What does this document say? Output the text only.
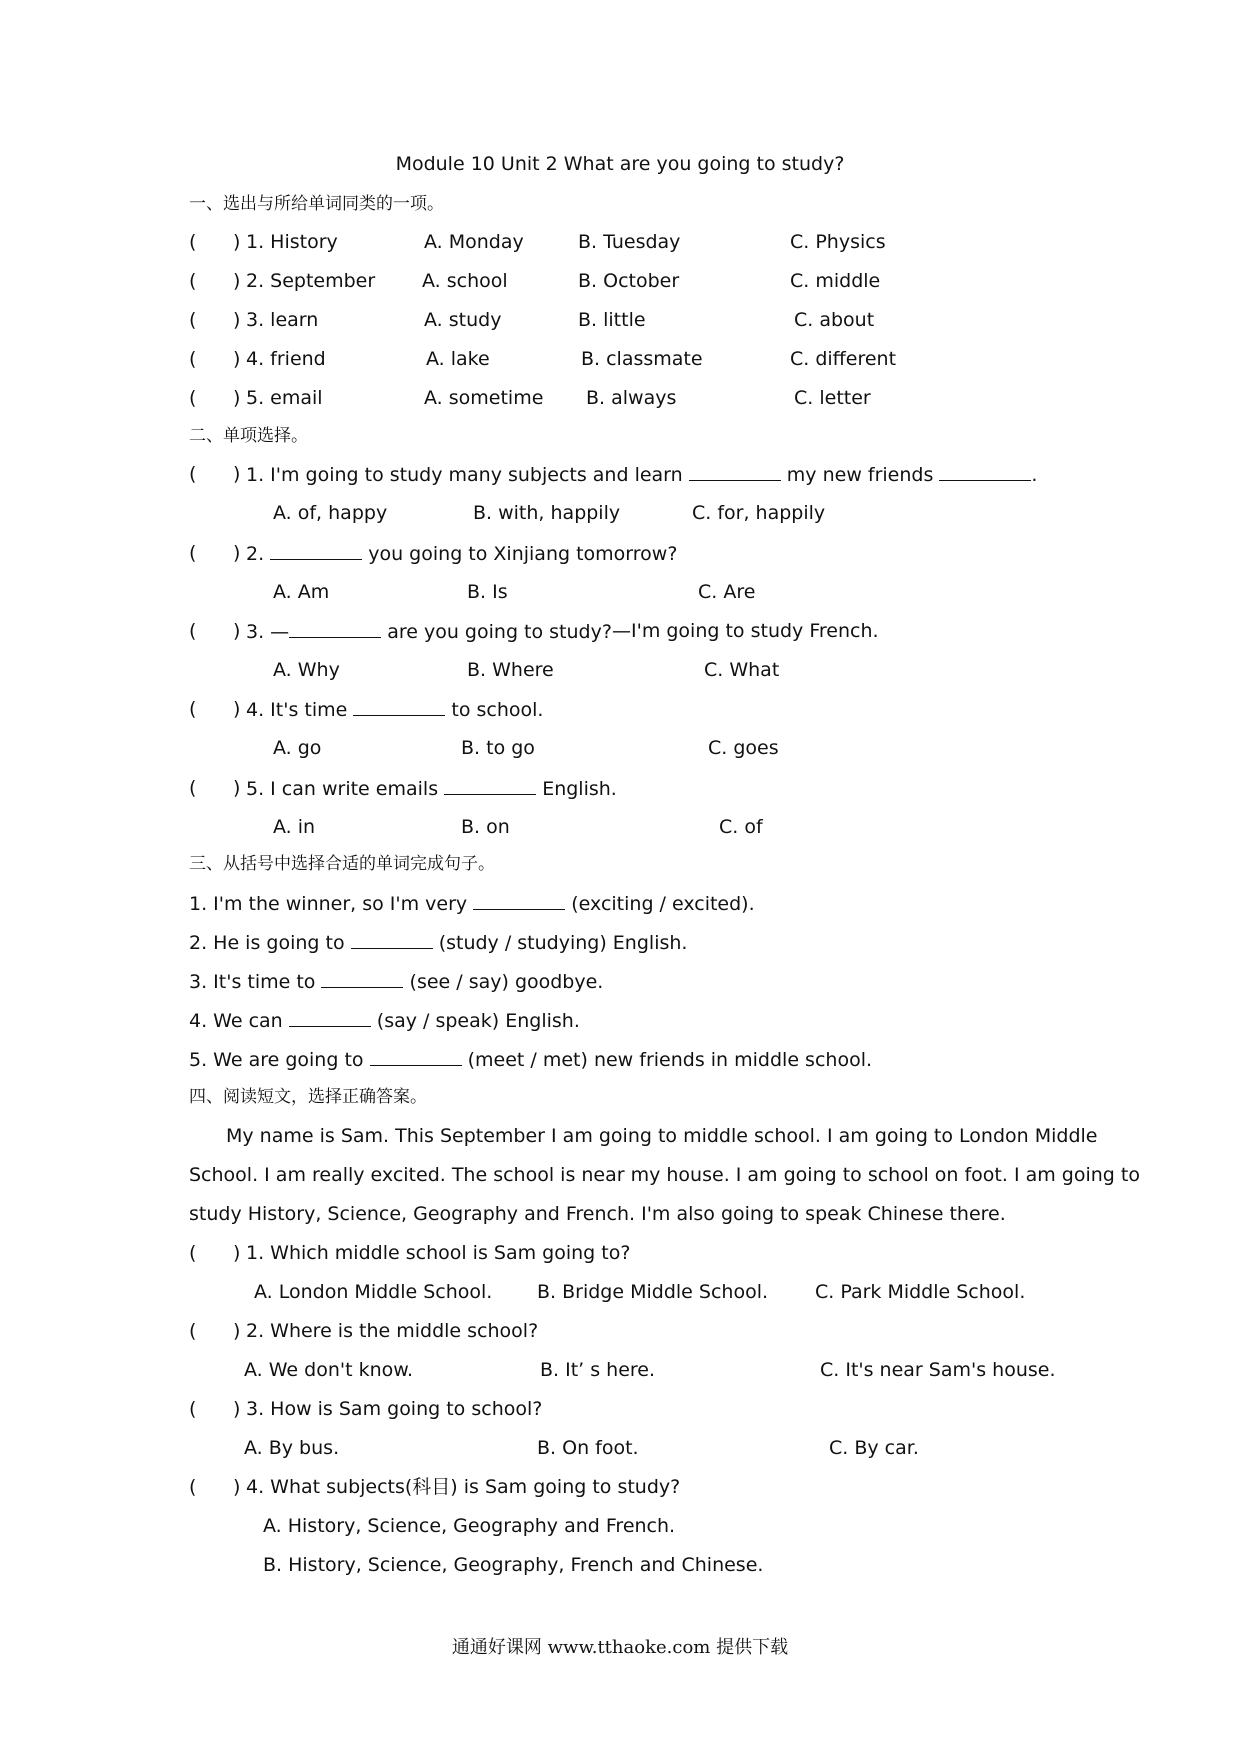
Module 10 Unit 2 What are you going to study?
一、选出与所给单词同类的一项。
( ) 1. History	A. Monday	B. Tuesday	C. Physics
( ) 2. September A. school	B. October	C. middle
( ) 3. learn	A. study	B. little	C. about
( ) 4. friend	A. lake	B. classmate	C. different
( ) 5. email	A. sometime B. always	C. letter
二、单项选择。
( ) 1. I'm going to study many subjects and learn	my new friends	.
A. of, happy	B. with, happily	C. for, happily
( ) 2.	you going to Xinjiang tomorrow?
A. Am	B. Is	C. Are
( ) 3. —	are you going to study? —I'm going to study French.
A. Why	B. Where	C. What
( ) 4. It's time	to school.
A. go	B. to go	C. goes
( ) 5. I can write emails	English.
A. in	B. on	C. of
三、从括号中选择合适的单词完成句子。
1. I'm the winner, so I'm very	(exciting / excited).
2. He is going to	(study / studying) English.
3. It's time to	(see / say) goodbye.
4. We can	(say / speak) English.
5. We are going to	(meet / met) new friends in middle school.
四、阅读短文，选择正确答案。
My name is Sam. This September I am going to middle school. I am going to London Middle
School. I am really excited. The school is near my house. I am going to school on foot. I am going to
study History, Science, Geography and French. I'm also going to speak Chinese there.
( ) 1. Which middle school is Sam going to?
A. London Middle School. B. Bridge Middle School. C. Park Middle School.
( ) 2. Where is the middle school?
A. We don't know.	B. It’ s here.	C. It's near Sam's house.
( ) 3. How is Sam going to school?
A. By bus.	B. On foot.	C. By car.
( ) 4. What subjects(科目) is Sam going to study?
A. History, Science, Geography and French.
B. History, Science, Geography, French and Chinese.
通通好课网 www.tthaoke.com 提供下载
